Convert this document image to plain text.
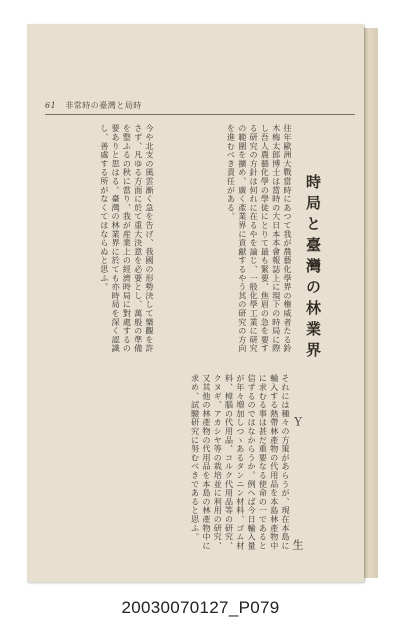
61 非常時の臺灣と局時
時局と臺灣の林業界
Ｙ　　生
往年歐洲大戰當時にあつて我が農藝化學界の権威者たる鈴木梅太郎博士は當時の大日本本會報誌上に現下の時局に際し吾人農藝化學の學徒にとりて最も緊要、焦眉の急を要する研究の方針は何れに在るやを論じ、一般化學工業に研究の範圍を擴め、廣く產業界に貢獻するやう其の研究の方向を進むべき責任がある。
今や北支の風雲漸く急を告げ、我國の形勢決して樂觀を許さず、凡ゆる方面に於て重大決意を必要とし、萬般の準備を整ふるの秋に當り、我が産業上の經濟時局に對處するの要ありと思はる。臺灣の林業界に於ても亦時局を深く認識し、善處する所がなくてはならぬと思ふ。
それには種々の方策があらうが、現在本島に輸入する熱帶林產物の代用品を本島林產物中に求むる事は甚だ重要なる使命の一であると信ずるのではなからうか。例へば今日輸入量が年々増加しつゝあるタンニン材料、ゴム材料、樟腦の代用品、コルク代用品等の研究、クヌギ、アカシヤ等の栽培並に利用の研究、又其他の林產物の代用品を本島の林產物中に求め、試驗研究に努むべきであると思ふ。
20030070127_P079
